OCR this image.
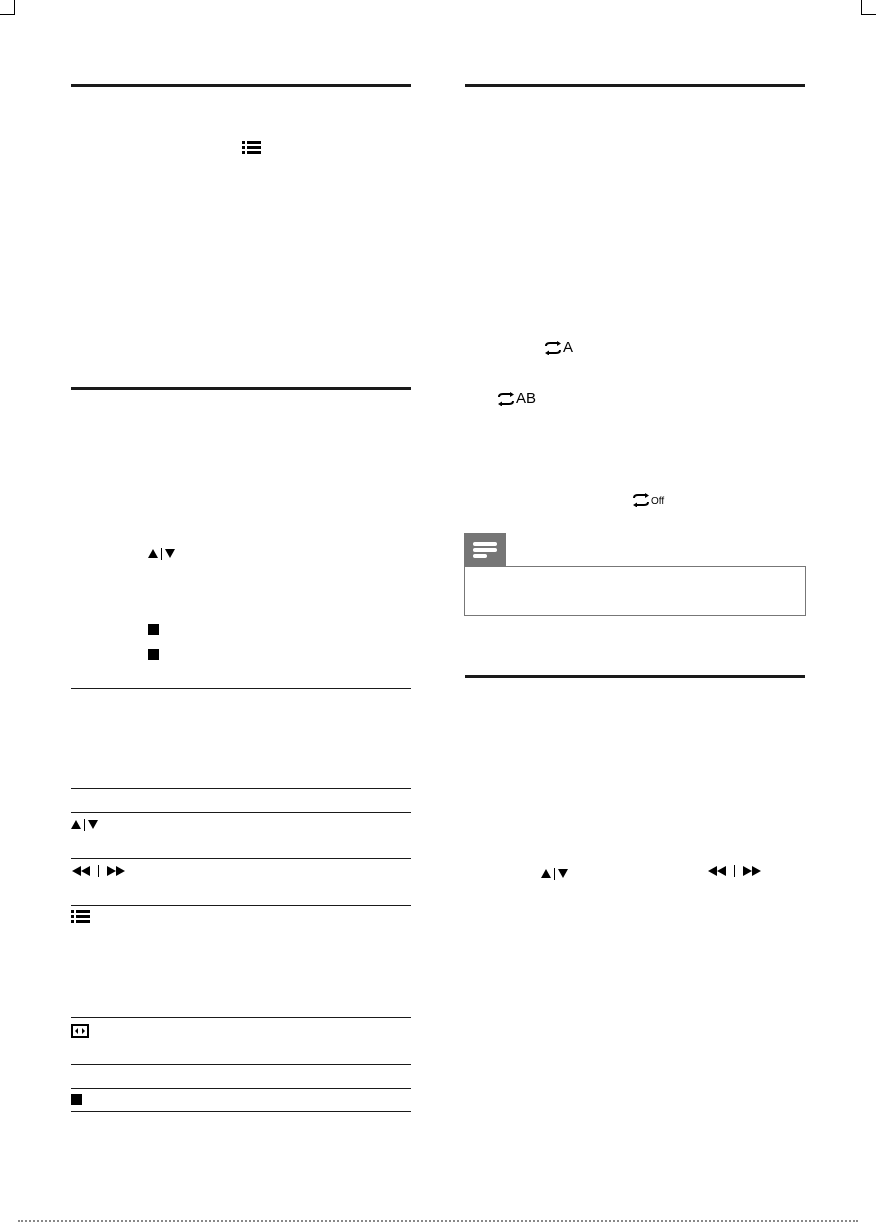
A
AB
Off
